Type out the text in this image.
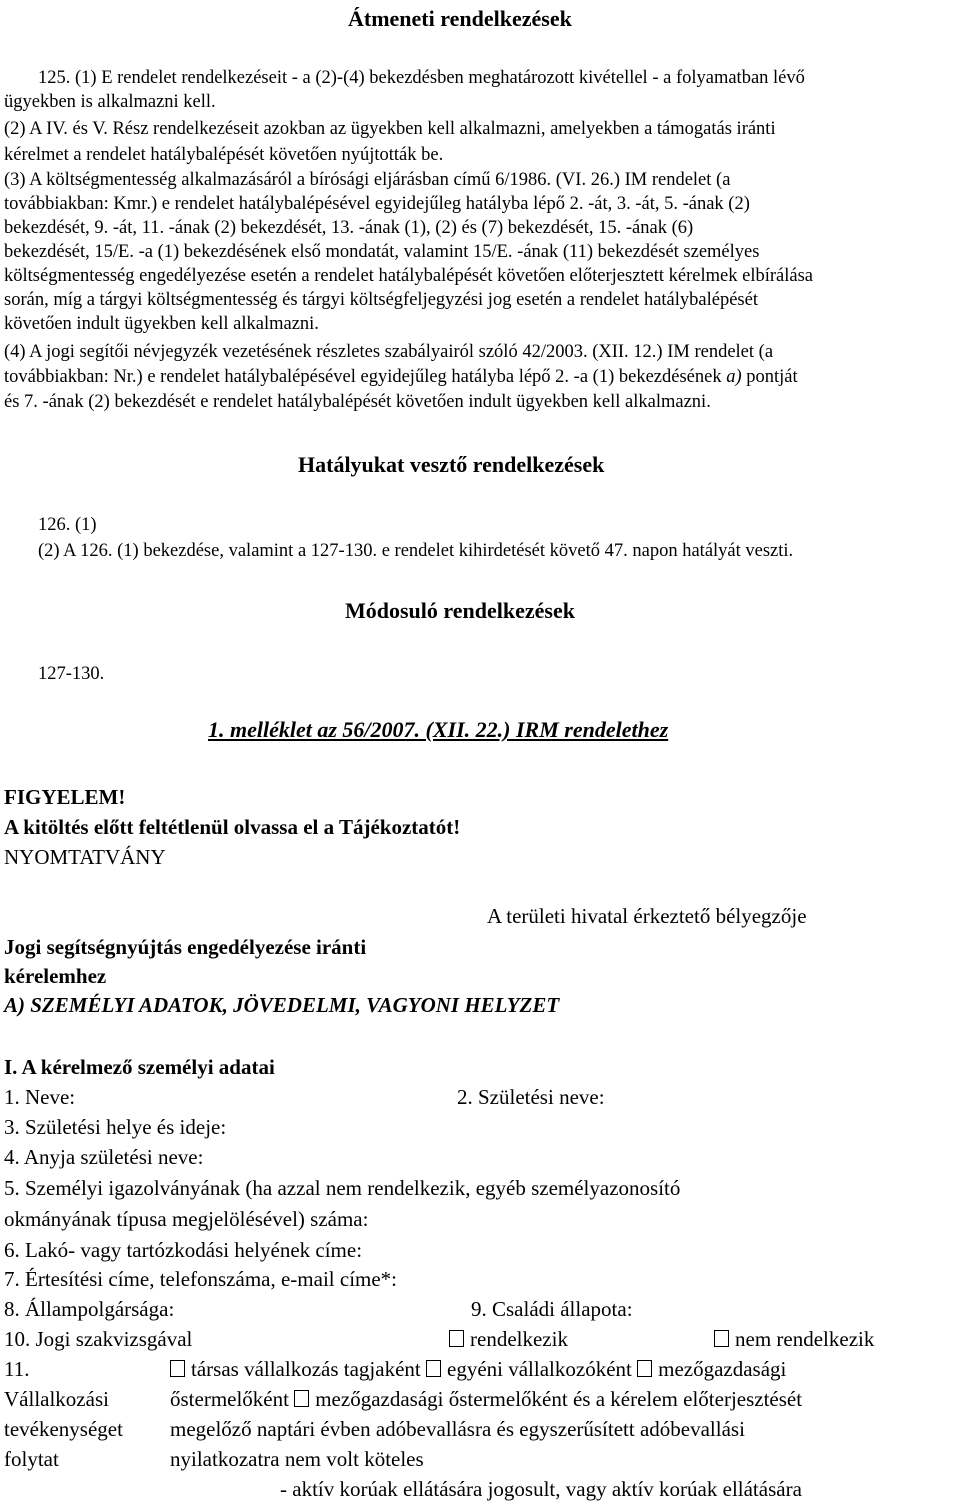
Átmeneti rendelkezések
125. (1) E rendelet rendelkezéseit - a (2)-(4) bekezdésben meghatározott kivétellel - a folyamatban lévő
ügyekben is alkalmazni kell.
(2) A IV. és V. Rész rendelkezéseit azokban az ügyekben kell alkalmazni, amelyekben a támogatás iránti
kérelmet a rendelet hatálybalépését követően nyújtották be.
(3) A költségmentesség alkalmazásáról a bírósági eljárásban című 6/1986. (VI. 26.) IM rendelet (a
továbbiakban: Kmr.) e rendelet hatálybalépésével egyidejűleg hatályba lépő 2. -át, 3. -át, 5. -ának (2)
bekezdését, 9. -át, 11. -ának (2) bekezdését, 13. -ának (1), (2) és (7) bekezdését, 15. -ának (6)
bekezdését, 15/E. -a (1) bekezdésének első mondatát, valamint 15/E. -ának (11) bekezdését személyes
költségmentesség engedélyezése esetén a rendelet hatálybalépését követően előterjesztett kérelmek elbírálása
során, míg a tárgyi költségmentesség és tárgyi költségfeljegyzési jog esetén a rendelet hatálybalépését
követően indult ügyekben kell alkalmazni.
(4) A jogi segítői névjegyzék vezetésének részletes szabályairól szóló 42/2003. (XII. 12.) IM rendelet (a
továbbiakban: Nr.) e rendelet hatálybalépésével egyidejűleg hatályba lépő 2. -a (1) bekezdésének a) pontját
és 7. -ának (2) bekezdését e rendelet hatálybalépését követően indult ügyekben kell alkalmazni.
Hatályukat vesztő rendelkezések
126. (1)
(2) A 126. (1) bekezdése, valamint a 127-130. e rendelet kihirdetését követő 47. napon hatályát veszti.
Módosuló rendelkezések
127-130.
1. melléklet az 56/2007. (XII. 22.) IRM rendelethez
FIGYELEM!
A kitöltés előtt feltétlenül olvassa el a Tájékoztatót!
NYOMTATVÁNY
A területi hivatal érkeztető bélyegzője
Jogi segítségnyújtás engedélyezése iránti
kérelemhez
A) SZEMÉLYI ADATOK, JÖVEDELMI, VAGYONI HELYZET
I. A kérelmező személyi adatai
1. Neve:	2. Születési neve:
3. Születési helye és ideje:
4. Anyja születési neve:
5. Személyi igazolványának (ha azzal nem rendelkezik, egyéb személyazonosító
okmányának típusa megjelölésével) száma:
6. Lakó- vagy tartózkodási helyének címe:
7. Értesítési címe, telefonszáma, e-mail címe*:
8. Állampolgársága:	9. Családi állapota:
10. Jogi szakvizsgával	rendelkezik	nem rendelkezik
11.
Vállalkozási
tevékenységet
folytat
társas vállalkozás tagjaként egyéni vállalkozóként mezőgazdasági
őstermelőként mezőgazdasági őstermelőként és a kérelem előterjesztését
megelőző naptári évben adóbevallásra és egyszerűsített adóbevallási
nyilatkozatra nem volt köteles
- aktív korúak ellátására jogosult, vagy aktív korúak ellátására
